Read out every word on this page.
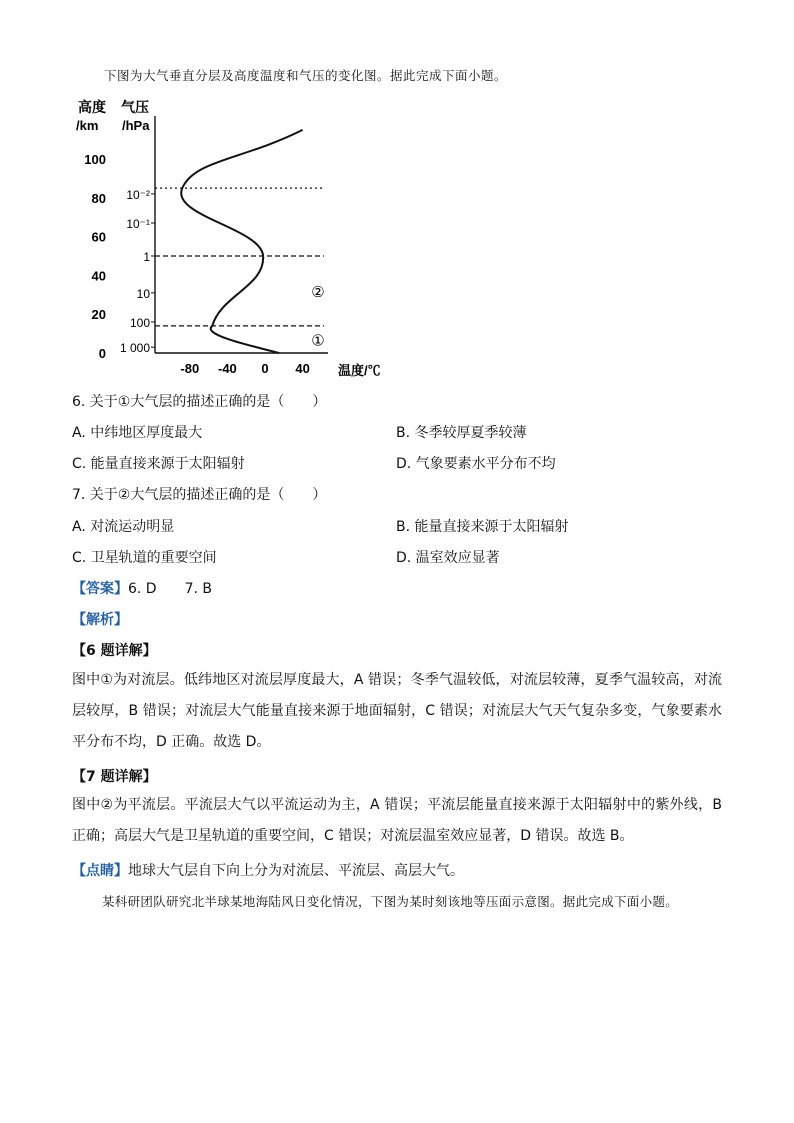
下图为大气垂直分层及高度温度和气压的变化图。据此完成下面小题。
高度
/km
气压
/hPa
100
80
60
40
20
0
10⁻²
10⁻¹
1
10
100
1 000
-80 -40 0 40 温度/℃
②
①
6. 关于①大气层的描述正确的是（　　）
A. 中纬地区厚度最大	B. 冬季较厚夏季较薄
C. 能量直接来源于太阳辐射	D. 气象要素水平分布不均
7. 关于②大气层的描述正确的是（　　）
A. 对流运动明显	B. 能量直接来源于太阳辐射
C. 卫星轨道的重要空间	D. 温室效应显著
【答案】6. D　　7. B
【解析】
【6 题详解】
图中①为对流层。低纬地区对流层厚度最大，A 错误；冬季气温较低，对流层较薄，夏季气温较高，对流层较厚，B 错误；对流层大气能量直接来源于地面辐射，C 错误；对流层大气天气复杂多变，气象要素水平分布不均，D 正确。故选 D。
【7 题详解】
图中②为平流层。平流层大气以平流运动为主，A 错误；平流层能量直接来源于太阳辐射中的紫外线，B 正确；高层大气是卫星轨道的重要空间，C 错误；对流层温室效应显著，D 错误。故选 B。
【点睛】地球大气层自下向上分为对流层、平流层、高层大气。
某科研团队研究北半球某地海陆风日变化情况，下图为某时刻该地等压面示意图。据此完成下面小题。
